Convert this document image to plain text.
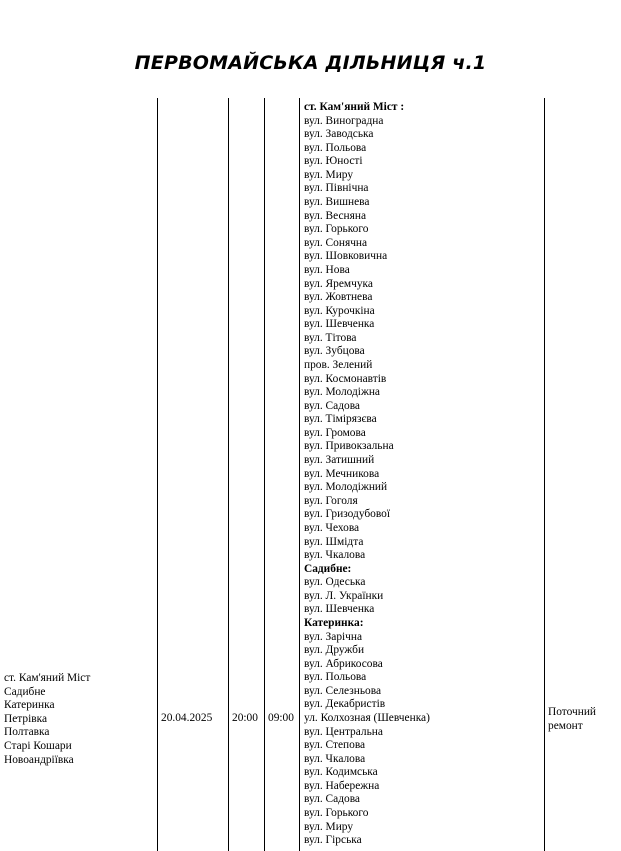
ПЕРВОМАЙСЬКА ДІЛЬНИЦЯ ч.1
ст. Кам'яний Міст
Садибне
Катеринка
Петрівка
Полтавка
Старі Кошари
Новоандріївка
20.04.2025 20:00 09:00
ст. Кам'яний Міст :
вул. Виноградна
вул. Заводська
вул. Польова
вул. Юності
вул. Миру
вул. Північна
вул. Вишнева
вул. Весняна
вул. Горького
вул. Сонячна
вул. Шовковична
вул. Нова
вул. Яремчука
вул. Жовтнева
вул. Курочкіна
вул. Шевченка
вул. Тітова
вул. Зубцова
пров. Зелений
вул. Космонавтів
вул. Молодіжна
вул. Садова
вул. Тімірязєва
вул. Громова
вул. Привокзальна
вул. Затишний
вул. Мечникова
вул. Молодіжний
вул. Гоголя
вул. Гризодубової
вул. Чехова
вул. Шмідта
вул. Чкалова
Садибне:
вул. Одеська
вул. Л. Українки
вул. Шевченка
Катеринка:
вул. Зарічна
вул. Дружби
вул. Абрикосова
вул. Польова
вул. Селезньова
вул. Декабристів
ул. Колхозная (Шевченка)
вул. Центральна
вул. Степова
вул. Чкалова
вул. Кодимська
вул. Набережна
вул. Садова
вул. Горького
вул. Миру
вул. Гірська
Поточний
ремонт
